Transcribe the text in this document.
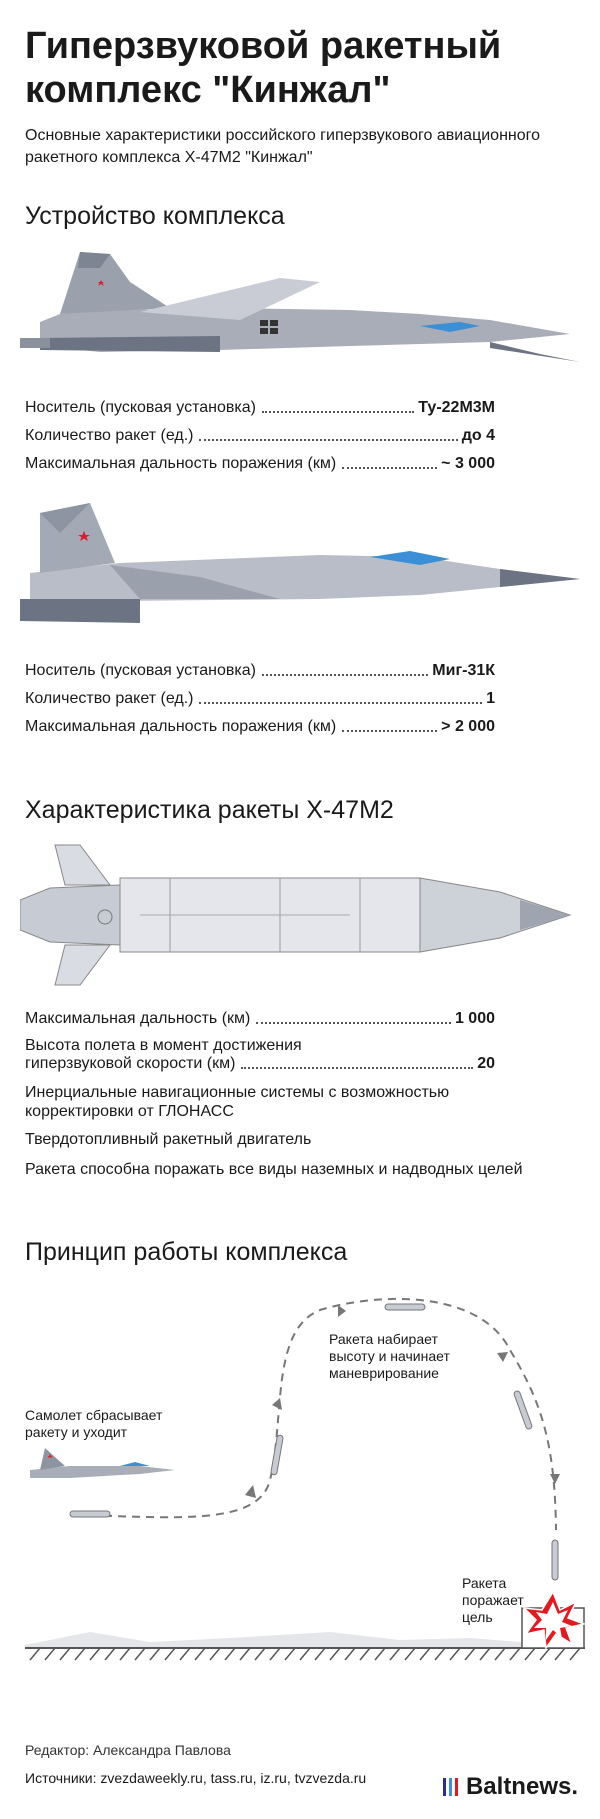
Гиперзвуковой ракетный комплекс "Кинжал"
Основные характеристики российского гиперзвукового авиационного ракетного комплекса Х-47М2 "Кинжал"
Устройство комплекса
Носитель (пусковая установка)	Ту-22М3М
Количество ракет (ед.)	до 4
Максимальная дальность поражения (км)	~ 3 000
Носитель (пусковая установка)	Миг-31К
Количество ракет (ед.)	1
Максимальная дальность поражения (км)	> 2 000
Характеристика ракеты Х-47М2
Максимальная дальность (км)	1 000
Высота полета в момент достижения
гиперзвуковой скорости (км)	20
Инерциальные навигационные системы с возможностью корректировки от ГЛОНАСС
Твердотопливный ракетный двигатель
Ракета способна поражать все виды наземных и надводных целей
Принцип работы комплекса
Самолет сбрасывает ракету и уходит
Ракета набирает высоту и начинает маневрирование
Ракета поражает цель
Редактор: Александра Павлова
Источники: zvezdaweekly.ru, tass.ru, iz.ru, tvzvezda.ru	Baltnews.
